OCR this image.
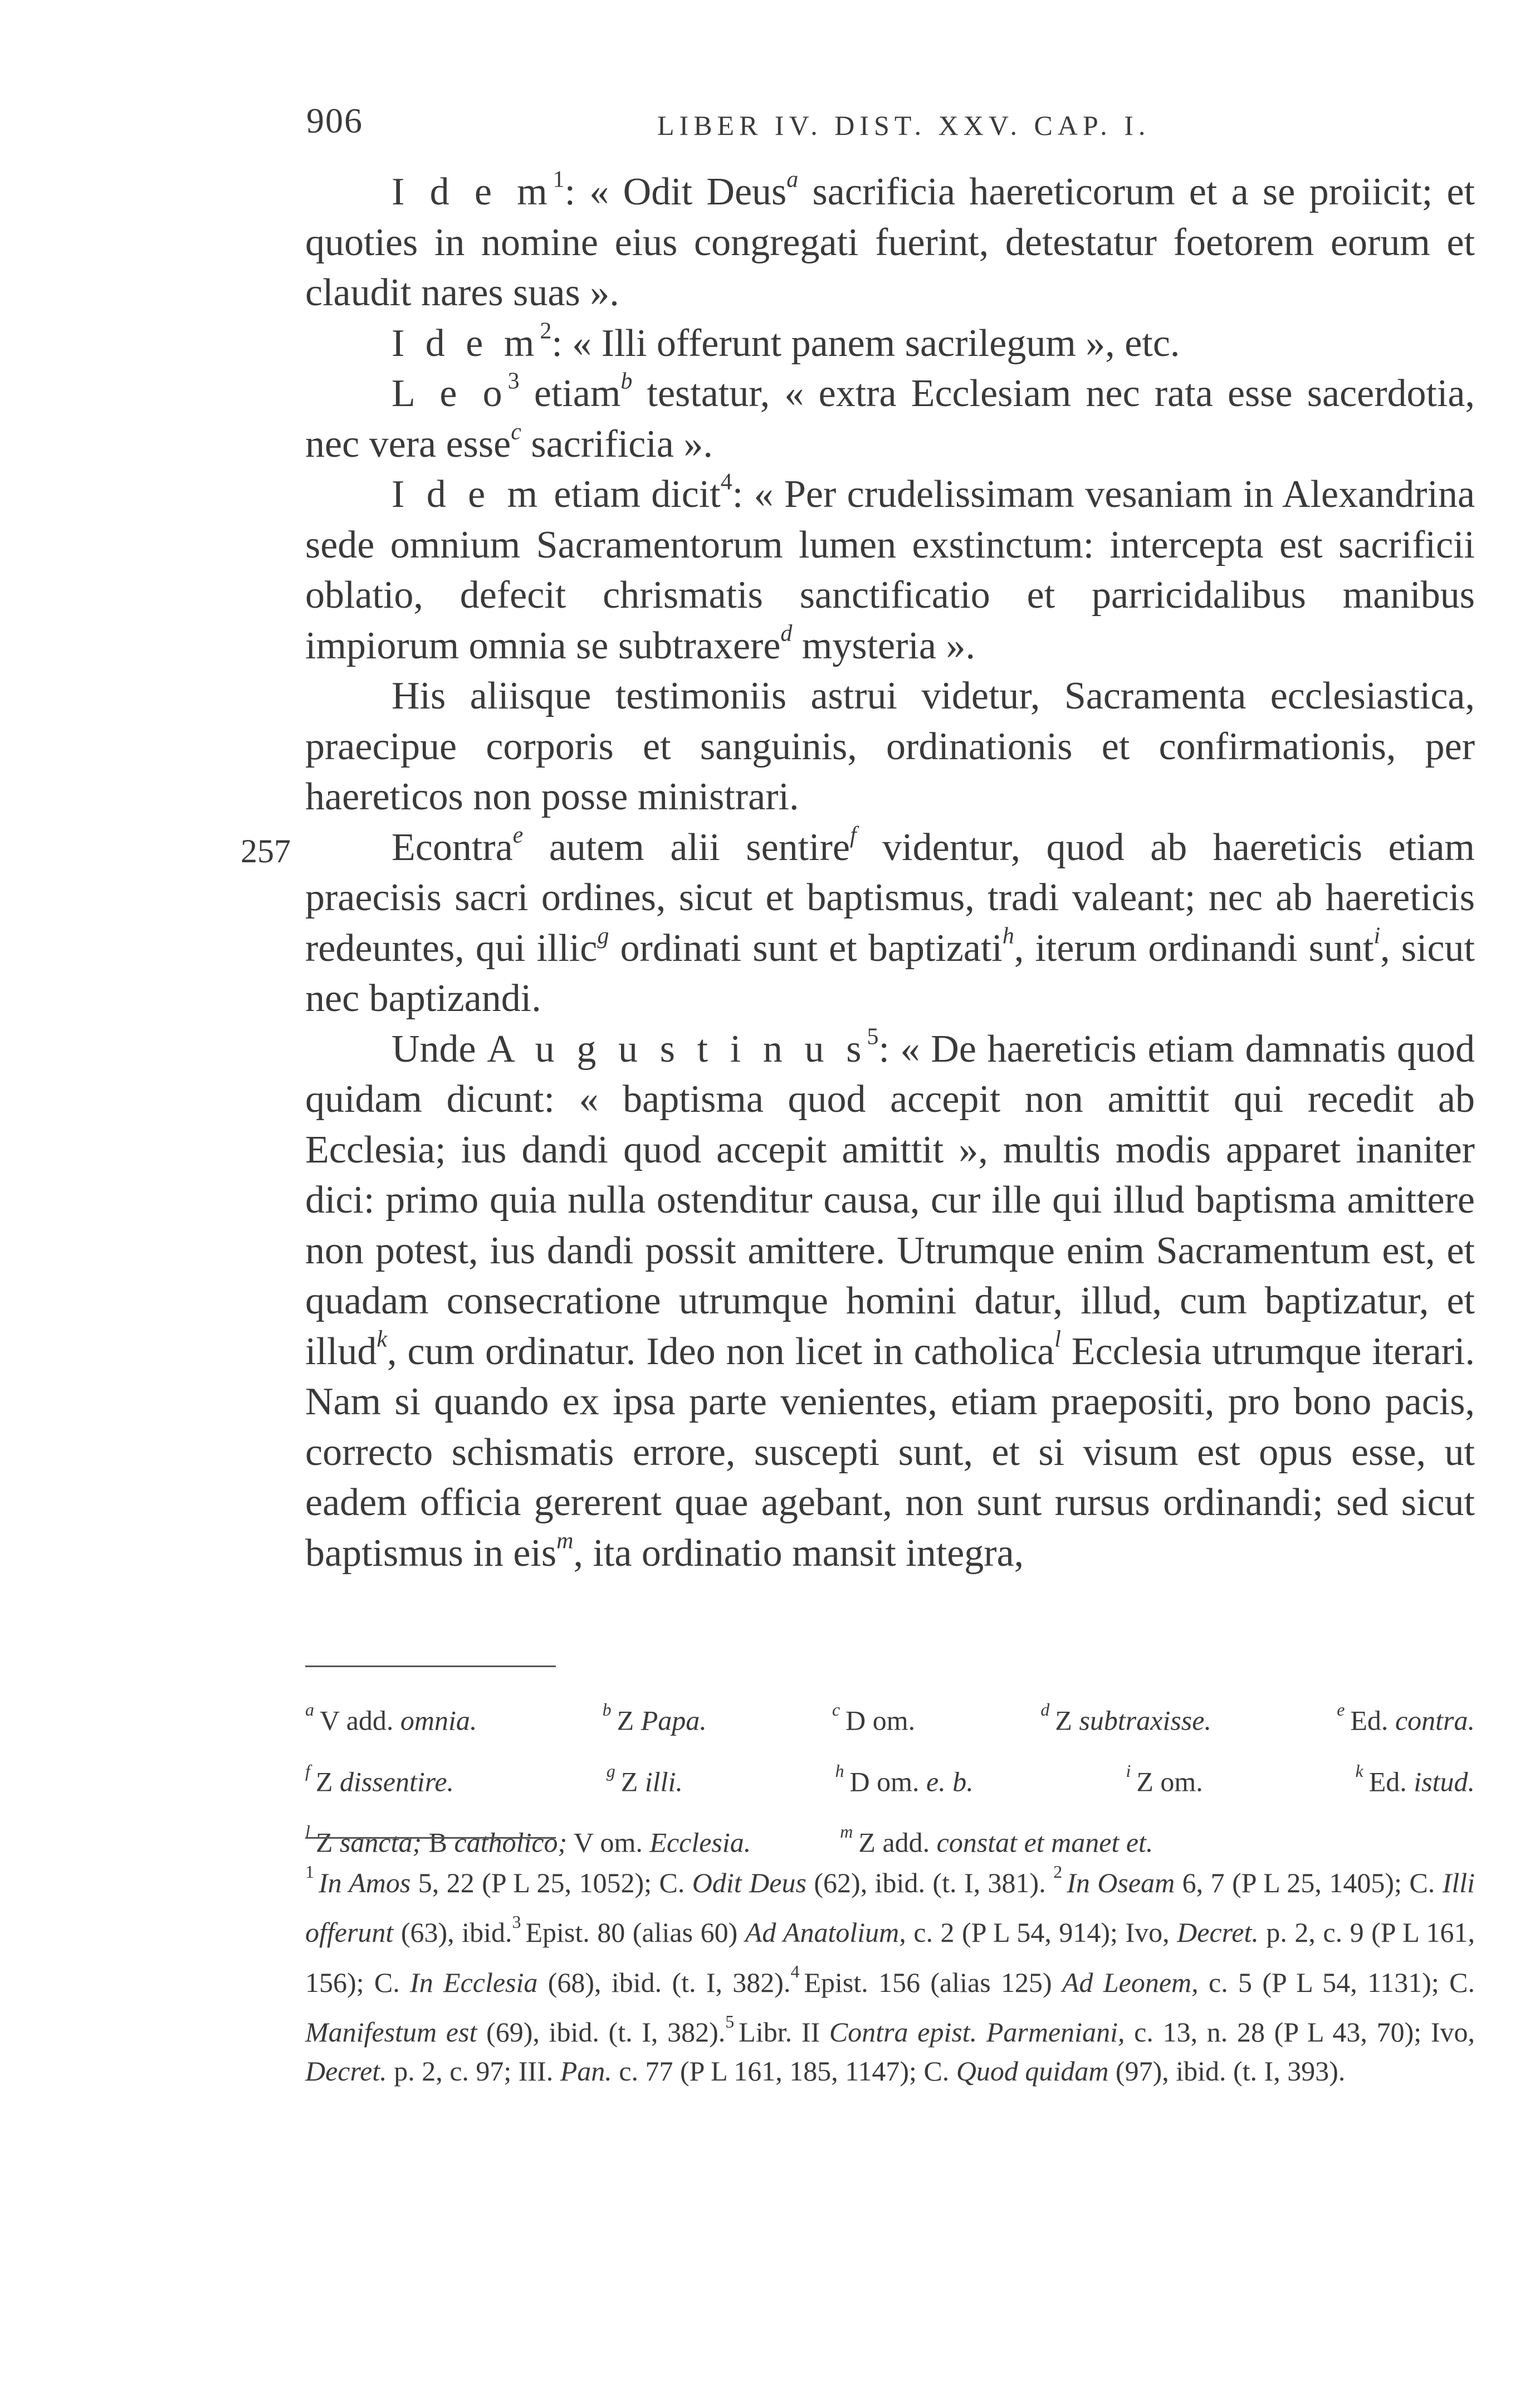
906	LIBER IV. DIST. XXV. CAP. I.
257

I d e $m^1$: « Odit Deus$^a$ sacrificia haereticorum et a se proiicit; et quoties in nomine eius congregati fuerint, detestatur foetorem eorum et claudit nares suas ».

I d e $m^2$: « Illi offerunt panem sacrilegum », etc.

L e $o^3$ etiam$^b$ testatur, « extra Ecclesiam nec rata esse sacerdotia, nec vera esse$^c$ sacrificia ».

I d e m etiam dicit$^4$: « Per crudelissimam vesaniam in Alexandrina sede omnium Sacramentorum lumen exstinctum: intercepta est sacrificii oblatio, defecit chrismatis sanctificatio et parricidalibus manibus impiorum omnia se subtraxere$^d$ mysteria ».

His aliisque testimoniis astrui videtur, Sacramenta ecclesiastica, praecipue corporis et sanguinis, ordinationis et confirmationis, per haereticos non posse ministrari.

Econtra$^e$ autem alii sentire$^f$ videntur, quod ab haereticis etiam praecisis sacri ordines, sicut et baptismus, tradi valeant; nec ab haereticis redeuntes, qui illic$^g$ ordinati sunt et baptizati$^h$, iterum ordinandi sunt$^i$, sicut nec baptizandi.

Unde A u g u s t i n u $s^5$: « De haereticis etiam damnatis quod quidam dicunt: « baptisma quod accepit non amittit qui recedit ab Ecclesia; ius dandi quod accepit amittit », multis modis apparet inaniter dici: primo quia nulla ostenditur causa, cur ille qui illud baptisma amittere non potest, ius dandi possit amittere. Utrumque enim Sacramentum est, et quadam consecratione utrumque homini datur, illud, cum baptizatur, et illud$^k$, cum ordinatur. Ideo non licet in catholica$^l$ Ecclesia utrumque iterari. Nam si quando ex ipsa parte venientes, etiam praepositi, pro bono pacis, correcto schismatis errore, suscepti sunt, et si visum est opus esse, ut eadem officia gererent quae agebant, non sunt rursus ordinandi; sed sicut baptismus in eis$^m$, ita ordinatio mansit integra,

$^a$ V add. omnia.	$^b$ Z Papa.	$^c$ D om.	$^d$ Z subtraxisse.	$^e$ Ed. contra.
$^f$ Z dissentire.	$^g$ Z illi.	$^h$ D om. e. b.	$^i$ Z om.	$^k$ Ed. istud.
$^l$ Z sancta; B catholico; V om. Ecclesia.	$^m$ Z add. constat et manet et.

$^1$ In Amos 5, 22 (P L 25, 1052); C. Odit Deus (62), ibid. (t. I, 381). $^2$ In Oseam 6, 7 (P L 25, 1405); C. Illi offerunt (63), ibid.$^3$ Epist. 80 (alias 60) Ad Anatolium, c. 2 (P L 54, 914); Ivo, Decret. p. 2, c. 9 (P L 161, 156); C. In Ecclesia (68), ibid. (t. I, 382).$^4$ Epist. 156 (alias 125) Ad Leonem, c. 5 (P L 54, 1131); C. Manifestum est (69), ibid. (t. I, 382).$^5$ Libr. II Contra epist. Parmeniani, c. 13, n. 28 (P L 43, 70); Ivo, Decret. p. 2, c. 97; III. Pan. c. 77 (P L 161, 185, 1147); C. Quod quidam (97), ibid. (t. I, 393).
